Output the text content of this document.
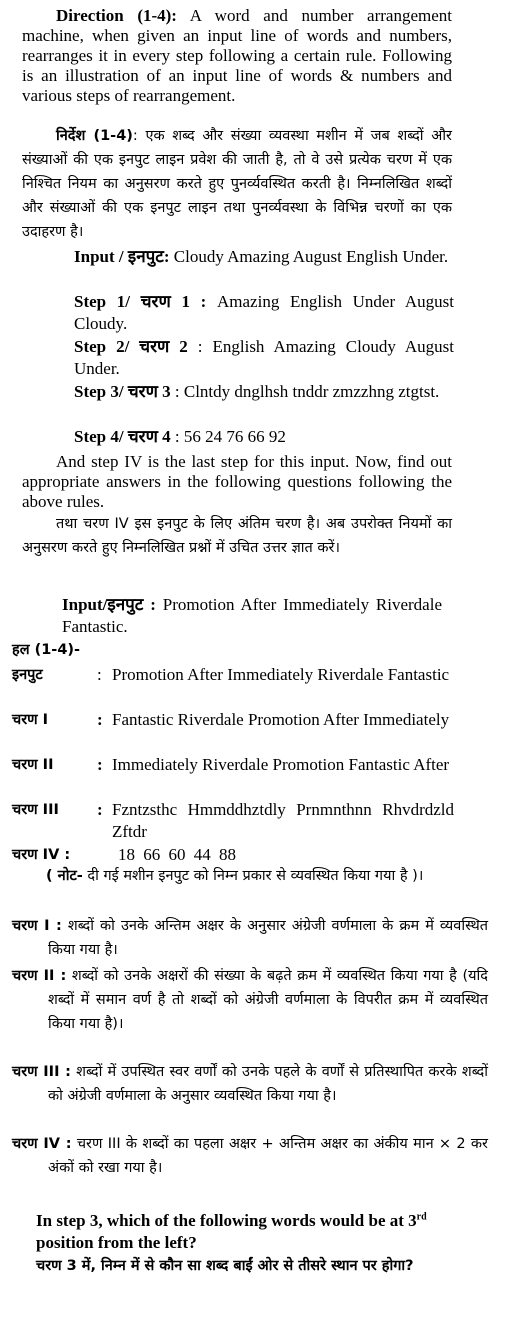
Direction (1-4): A word and number arrangement machine, when given an input line of words and numbers, rearranges it in every step following a certain rule. Following is an illustration of an input line of words & numbers and various steps of rearrangement.
निर्देश (1-4): एक शब्द और संख्या व्यवस्था मशीन में जब शब्दों और संख्याओं की एक इनपुट लाइन प्रवेश की जाती है, तो वे उसे प्रत्येक चरण में एक निश्चित नियम का अनुसरण करते हुए पुनर्व्यवस्थित करती है। निम्नलिखित शब्दों और संख्याओं की एक इनपुट लाइन तथा पुनर्व्यवस्था के विभिन्न चरणों का एक उदाहरण है।
Input / इनपुट: Cloudy Amazing August English Under.
Step 1/ चरण 1 : Amazing English Under August Cloudy.
Step 2/ चरण 2 : English Amazing Cloudy August Under.
Step 3/ चरण 3 : Clntdy dnglhsh tnddr zmzzhng ztgtst.
Step 4/ चरण 4 : 56 24 76 66 92
And step IV is the last step for this input. Now, find out appropriate answers in the following questions following the above rules.
तथा चरण IV इस इनपुट के लिए अंतिम चरण है। अब उपरोक्त नियमों का अनुसरण करते हुए निम्नलिखित प्रश्नों में उचित उत्तर ज्ञात करें।
Input/इनपुट : Promotion After Immediately Riverdale Fantastic.
हल (1-4)-
इनपुट	: Promotion After Immediately Riverdale Fantastic
चरण I	: Fantastic Riverdale Promotion After Immediately
चरण II	: Immediately Riverdale Promotion Fantastic After
चरण III : Fzntzsthc Hmmddhztdly Prnmnthnn Rhvdrdzld Zftdr
चरण IV :	18 66 60 44 88
( नोट- दी गई मशीन इनपुट को निम्न प्रकार से व्यवस्थित किया गया है )।
चरण I : शब्दों को उनके अन्तिम अक्षर के अनुसार अंग्रेजी वर्णमाला के क्रम में व्यवस्थित किया गया है।
चरण II : शब्दों को उनके अक्षरों की संख्या के बढ़ते क्रम में व्यवस्थित किया गया है (यदि शब्दों में समान वर्ण है तो शब्दों को अंग्रेजी वर्णमाला के विपरीत क्रम में व्यवस्थित किया गया है)।
चरण III : शब्दों में उपस्थित स्वर वर्णों को उनके पहले के वर्णों से प्रतिस्थापित करके शब्दों को अंग्रेजी वर्णमाला के अनुसार व्यवस्थित किया गया है।
चरण IV : चरण III के शब्दों का पहला अक्षर + अन्तिम अक्षर का अंकीय मान × 2 कर अंकों को रखा गया है।
In step 3, which of the following words would be at 3rd position from the left?
चरण 3 में, निम्न में से कौन सा शब्द बाईं ओर से तीसरे स्थान पर होगा?
